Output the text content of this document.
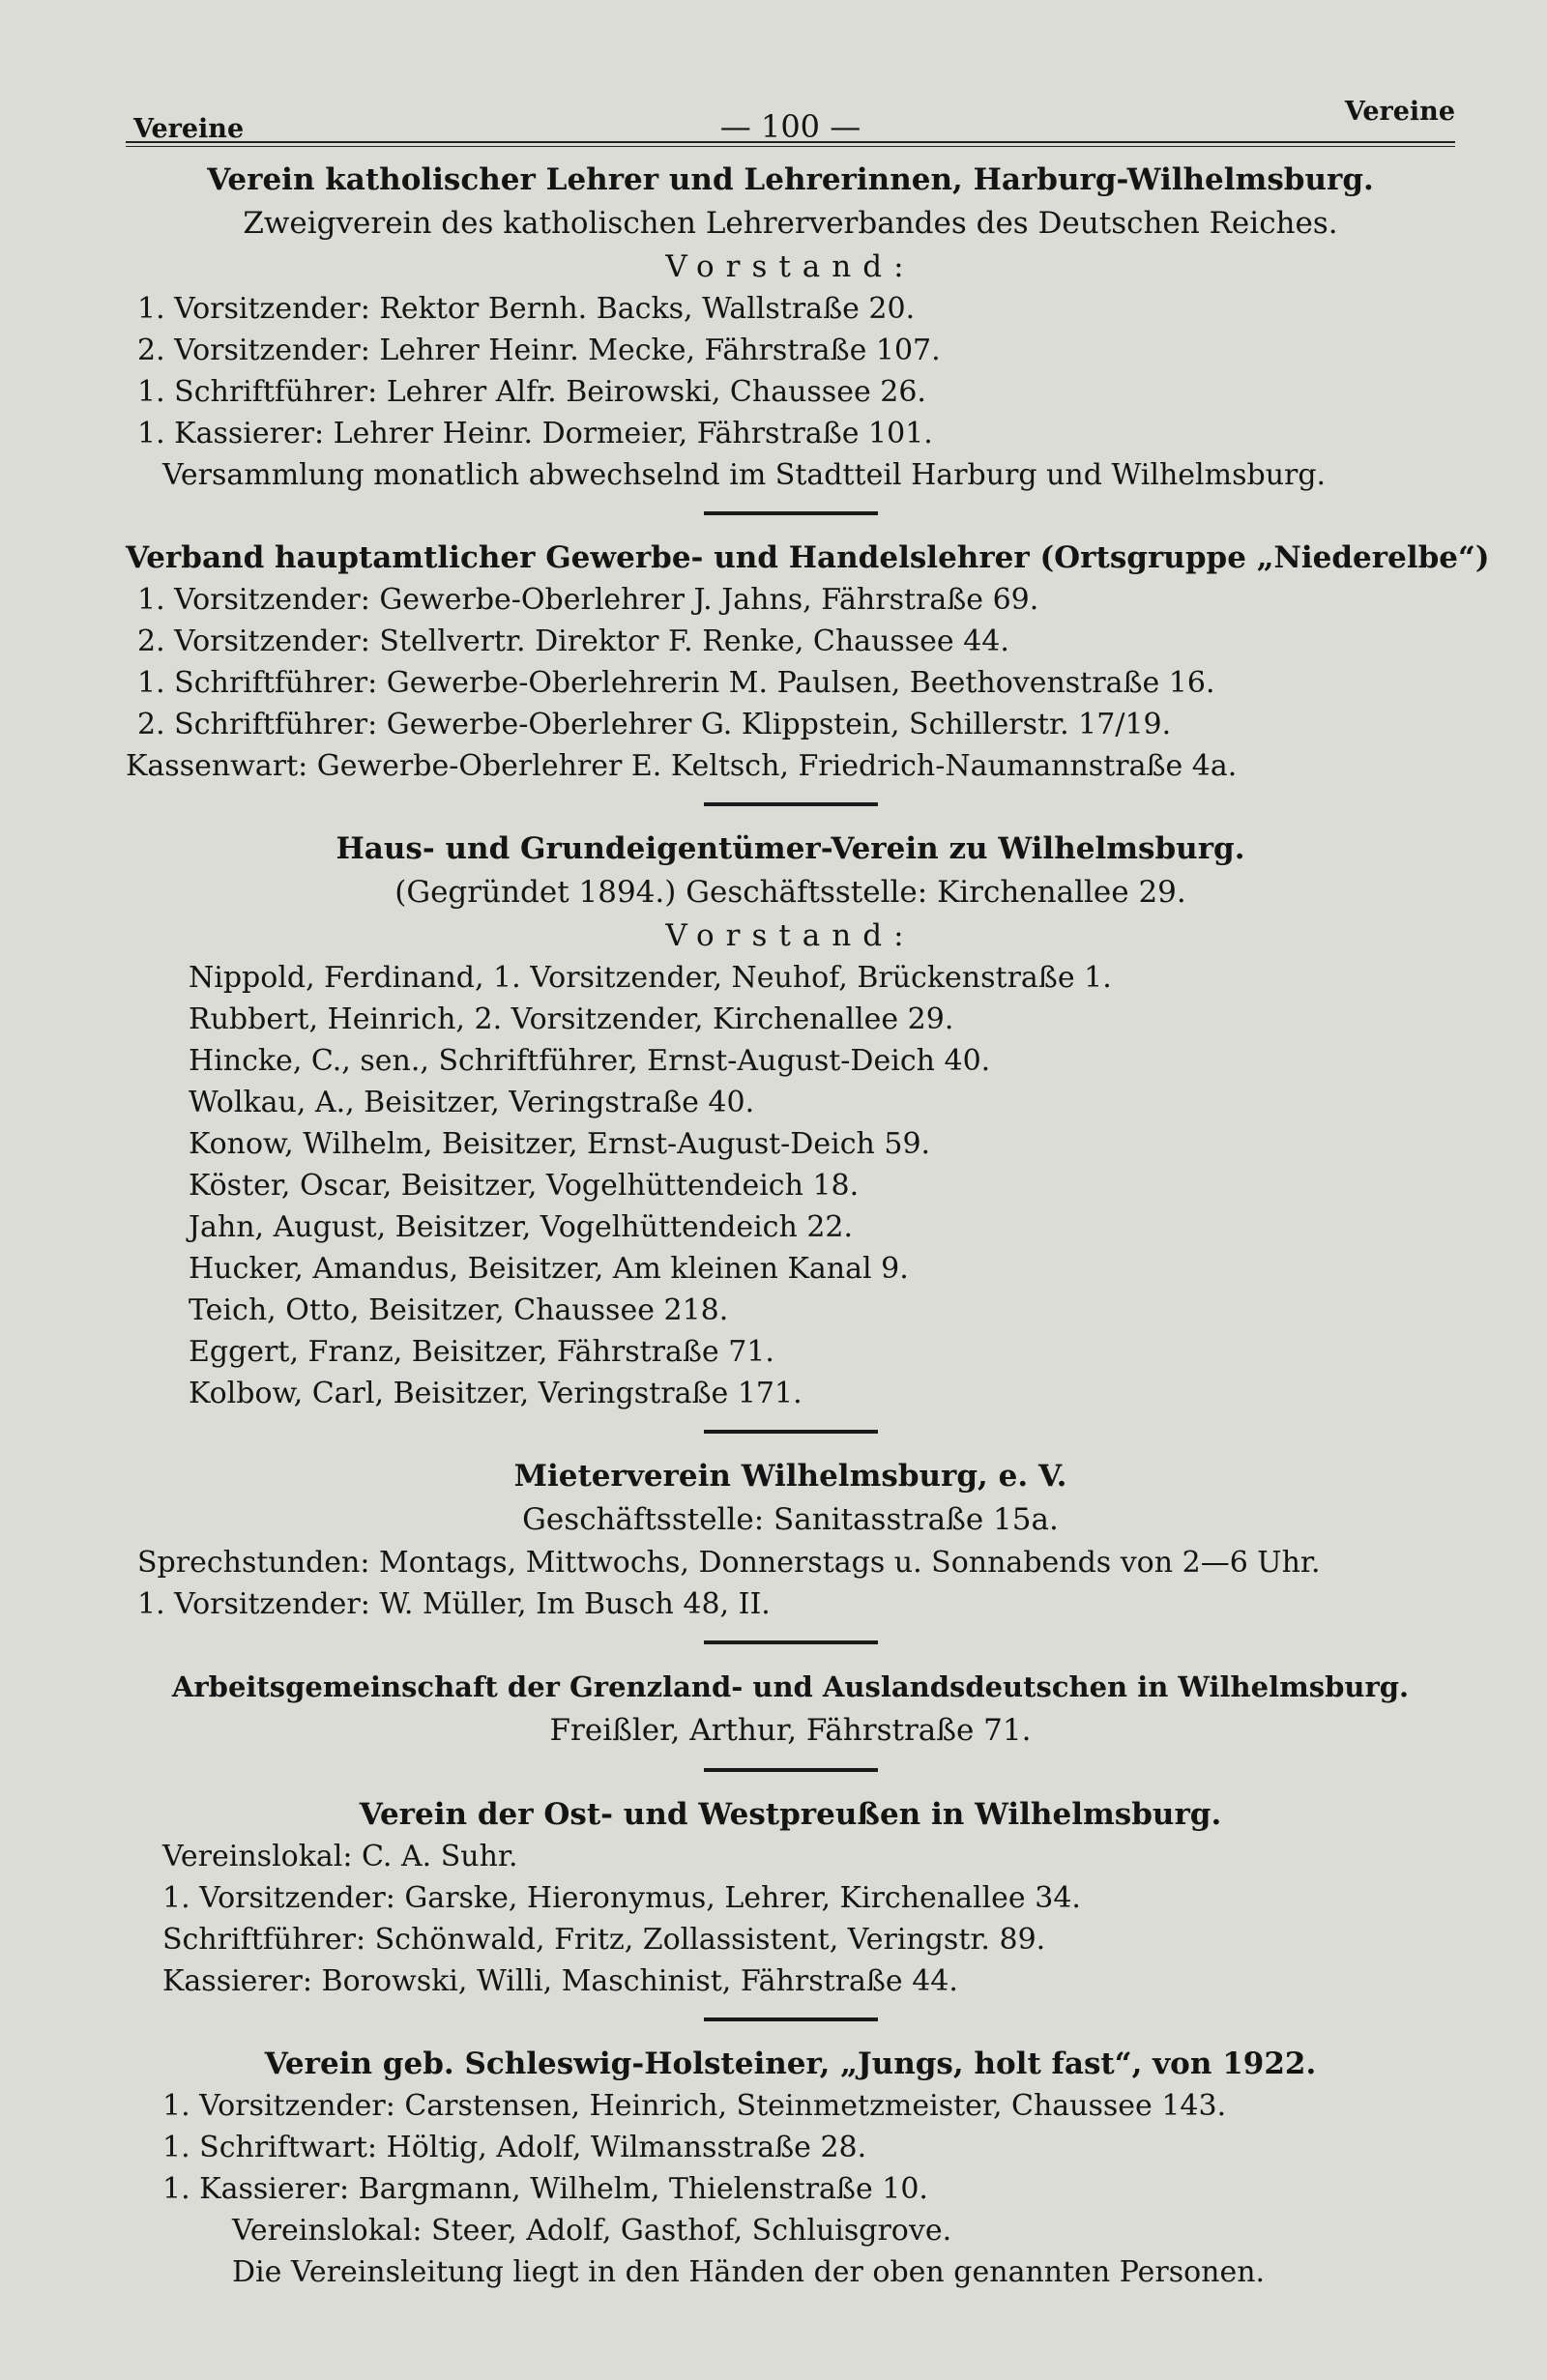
Vereine	— 100 —	Vereine

Verein katholischer Lehrer und Lehrerinnen, Harburg-Wilhelmsburg.

Zweigverein des katholischen Lehrerverbandes des Deutschen Reiches.

Vorstand:

1. Vorsitzender: Rektor Bernh. Backs, Wallstraße 20.

2. Vorsitzender: Lehrer Heinr. Mecke, Fährstraße 107.

1. Schriftführer: Lehrer Alfr. Beirowski, Chaussee 26.

1. Kassierer: Lehrer Heinr. Dormeier, Fährstraße 101.

Versammlung monatlich abwechselnd im Stadtteil Harburg und Wilhelmsburg.

Verband hauptamtlicher Gewerbe- und Handelslehrer (Ortsgruppe „Niederelbe“)

1. Vorsitzender: Gewerbe-Oberlehrer J. Jahns, Fährstraße 69.

2. Vorsitzender: Stellvertr. Direktor F. Renke, Chaussee 44.

1. Schriftführer: Gewerbe-Oberlehrerin M. Paulsen, Beethovenstraße 16.

2. Schriftführer: Gewerbe-Oberlehrer G. Klippstein, Schillerstr. 17/19.

Kassenwart: Gewerbe-Oberlehrer E. Keltsch, Friedrich-Naumannstraße 4a.

Haus- und Grundeigentümer-Verein zu Wilhelmsburg.

(Gegründet 1894.) Geschäftsstelle: Kirchenallee 29.

Vorstand:

Nippold, Ferdinand, 1. Vorsitzender, Neuhof, Brückenstraße 1.

Rubbert, Heinrich, 2. Vorsitzender, Kirchenallee 29.

Hincke, C., sen., Schriftführer, Ernst-August-Deich 40.

Wolkau, A., Beisitzer, Veringstraße 40.

Konow, Wilhelm, Beisitzer, Ernst-August-Deich 59.

Köster, Oscar, Beisitzer, Vogelhüttendeich 18.

Jahn, August, Beisitzer, Vogelhüttendeich 22.

Hucker, Amandus, Beisitzer, Am kleinen Kanal 9.

Teich, Otto, Beisitzer, Chaussee 218.

Eggert, Franz, Beisitzer, Fährstraße 71.

Kolbow, Carl, Beisitzer, Veringstraße 171.

Mieterverein Wilhelmsburg, e. V.

Geschäftsstelle: Sanitasstraße 15a.

Sprechstunden: Montags, Mittwochs, Donnerstags u. Sonnabends von 2—6 Uhr.

1. Vorsitzender: W. Müller, Im Busch 48, II.

Arbeitsgemeinschaft der Grenzland- und Auslandsdeutschen in Wilhelmsburg.

Freißler, Arthur, Fährstraße 71.

Verein der Ost- und Westpreußen in Wilhelmsburg.

Vereinslokal: C. A. Suhr.

1. Vorsitzender: Garske, Hieronymus, Lehrer, Kirchenallee 34.

Schriftführer: Schönwald, Fritz, Zollassistent, Veringstr. 89.

Kassierer: Borowski, Willi, Maschinist, Fährstraße 44.

Verein geb. Schleswig-Holsteiner, „Jungs, holt fast“, von 1922.

1. Vorsitzender: Carstensen, Heinrich, Steinmetzmeister, Chaussee 143.

1. Schriftwart: Höltig, Adolf, Wilmansstraße 28.

1. Kassierer: Bargmann, Wilhelm, Thielenstraße 10.

Vereinslokal: Steer, Adolf, Gasthof, Schluisgrove.

Die Vereinsleitung liegt in den Händen der oben genannten Personen.
